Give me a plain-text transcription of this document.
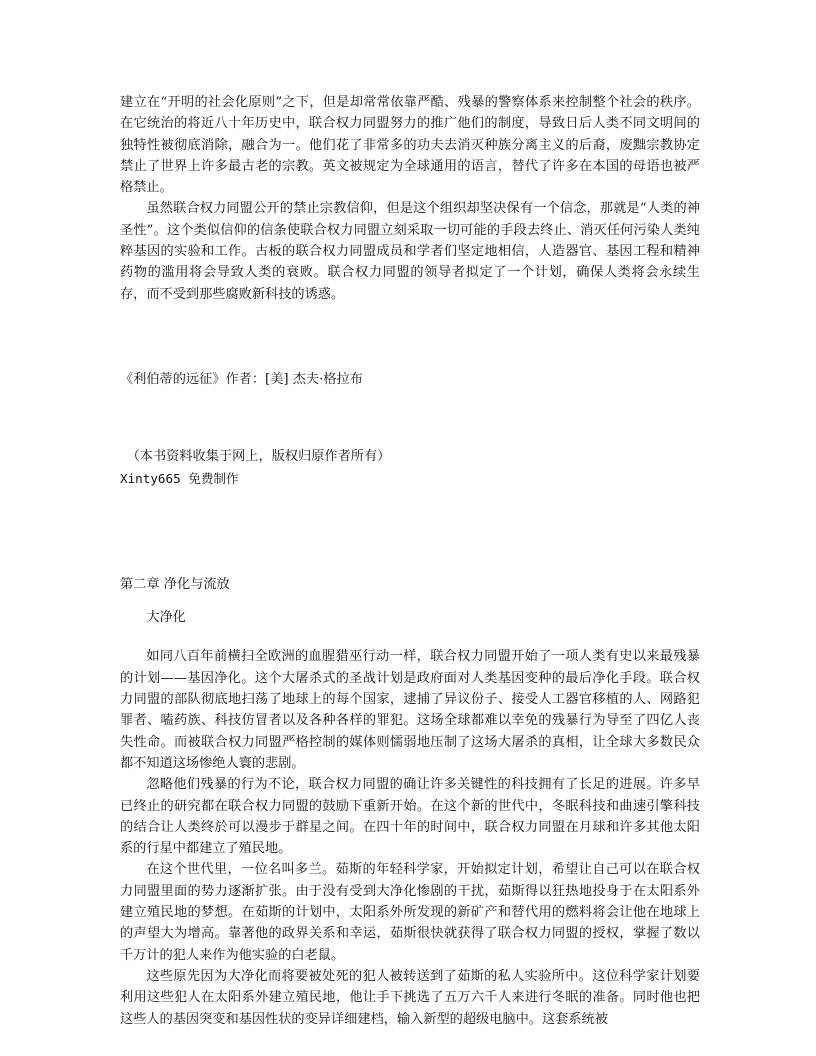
建立在“开明的社会化原则”之下，但是却常常依靠严酷、残暴的警察体系来控制整个社会的秩序。在它统治的将近八十年历史中，联合权力同盟努力的推广他们的制度，导致日后人类不同文明间的独特性被彻底消除，融合为一。他们花了非常多的功夫去消灭种族分离主义的后裔，废黜宗教协定禁止了世界上许多最古老的宗教。英文被规定为全球通用的语言，替代了许多在本国的母语也被严格禁止。

虽然联合权力同盟公开的禁止宗教信仰，但是这个组织却坚决保有一个信念，那就是“人类的神圣性”。这个类似信仰的信条使联合权力同盟立刻采取一切可能的手段去终止、消灭任何污染人类纯粹基因的实验和工作。古板的联合权力同盟成员和学者们坚定地相信，人造器官、基因工程和精神药物的滥用将会导致人类的衰败。联合权力同盟的领导者拟定了一个计划，确保人类将会永续生存，而不受到那些腐败新科技的诱惑。

《利伯蒂的远征》作者：[美] 杰夫·格拉布

（本书资料收集于网上，版权归原作者所有）

Xinty665 免费制作

第二章 净化与流放

大净化

如同八百年前横扫全欧洲的血腥猎巫行动一样，联合权力同盟开始了一项人类有史以来最残暴的计划——基因净化。这个大屠杀式的圣战计划是政府面对人类基因变种的最后净化手段。联合权力同盟的部队彻底地扫荡了地球上的每个国家，逮捕了异议份子、接受人工器官移植的人、网路犯罪者、嗑药族、科技仿冒者以及各种各样的罪犯。这场全球都难以幸免的残暴行为导至了四亿人丧失性命。而被联合权力同盟严格控制的媒体则懦弱地压制了这场大屠杀的真相，让全球大多数民众都不知道这场惨绝人寰的悲剧。

忽略他们残暴的行为不论，联合权力同盟的确让许多关键性的科技拥有了长足的进展。许多早已终止的研究都在联合权力同盟的鼓励下重新开始。在这个新的世代中，冬眠科技和曲速引擎科技的结合让人类终於可以漫步于群星之间。在四十年的时间中，联合权力同盟在月球和许多其他太阳系的行星中都建立了殖民地。

在这个世代里，一位名叫多兰。茹斯的年轻科学家，开始拟定计划，希望让自己可以在联合权力同盟里面的势力逐渐扩张。由于没有受到大净化惨剧的干扰，茹斯得以狂热地投身于在太阳系外建立殖民地的梦想。在茹斯的计划中，太阳系外所发现的新矿产和替代用的燃料将会让他在地球上的声望大为增高。靠著他的政界关系和幸运，茹斯很快就获得了联合权力同盟的授权，掌握了数以千万计的犯人来作为他实验的白老鼠。

这些原先因为大净化而将要被处死的犯人被转送到了茹斯的私人实验所中。这位科学家计划要利用这些犯人在太阳系外建立殖民地，他让手下挑选了五万六千人来进行冬眠的准备。同时他也把这些人的基因突变和基因性状的变异详细建档，输入新型的超级电脑中。这套系统被
